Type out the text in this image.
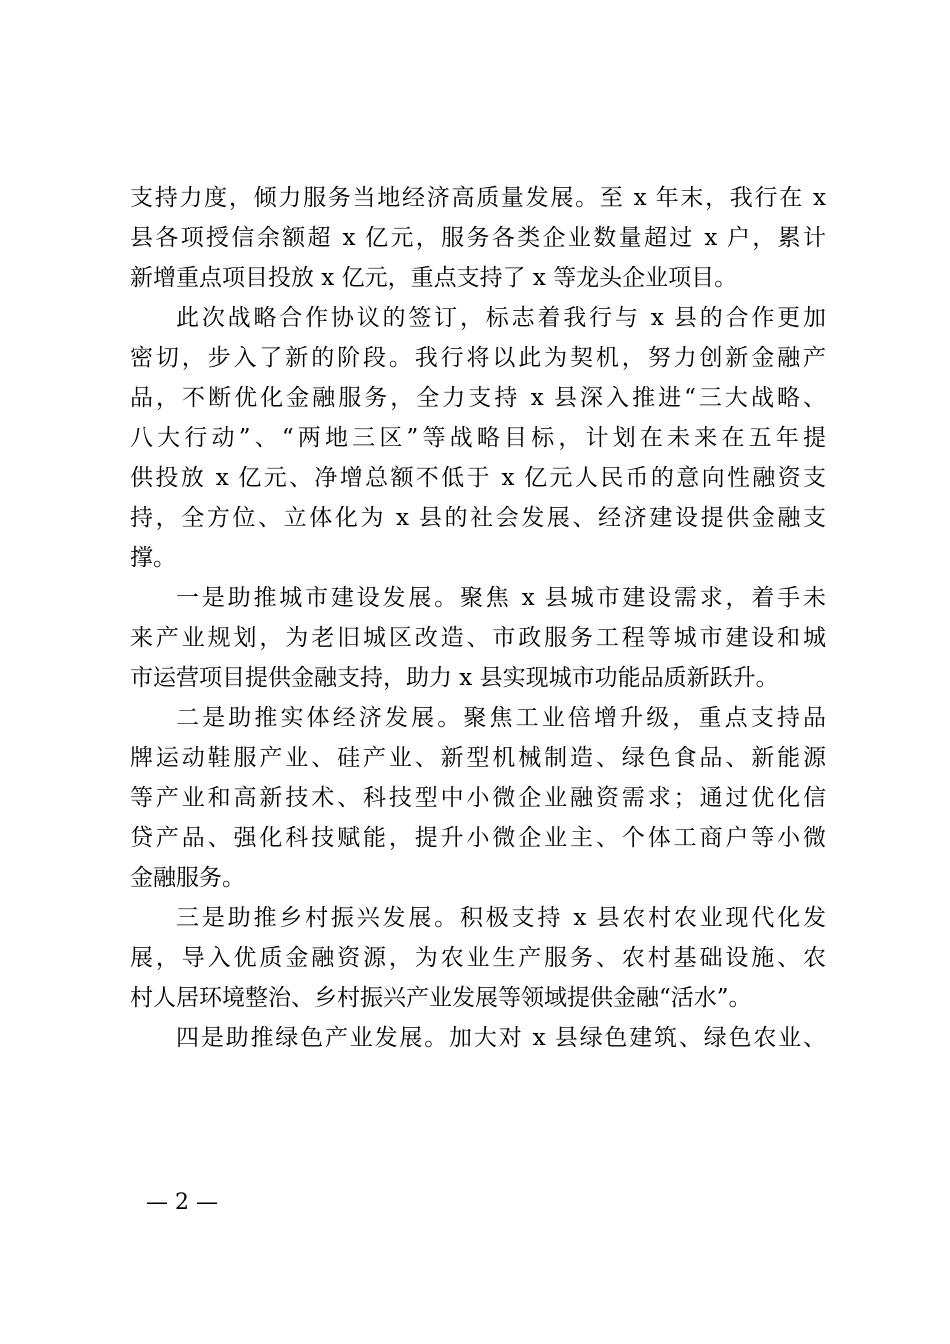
支持力度，倾力服务当地经济高质量发展。至 x 年末，我行在 x
县各项授信余额超 x 亿元，服务各类企业数量超过 x 户，累计
新增重点项目投放 x 亿元，重点支持了 x 等龙头企业项目。
此次战略合作协议的签订，标志着我行与 x 县的合作更加
密切，步入了新的阶段。我行将以此为契机，努力创新金融产
品，不断优化金融服务，全力支持 x 县深入推进“三大战略、
八大行动”、“两地三区”等战略目标，计划在未来在五年提
供投放 x 亿元、净增总额不低于 x 亿元人民币的意向性融资支
持，全方位、立体化为 x 县的社会发展、经济建设提供金融支
撑。
一是助推城市建设发展。聚焦 x 县城市建设需求，着手未
来产业规划，为老旧城区改造、市政服务工程等城市建设和城
市运营项目提供金融支持，助力 x 县实现城市功能品质新跃升。
二是助推实体经济发展。聚焦工业倍增升级，重点支持品
牌运动鞋服产业、硅产业、新型机械制造、绿色食品、新能源
等产业和高新技术、科技型中小微企业融资需求；通过优化信
贷产品、强化科技赋能，提升小微企业主、个体工商户等小微
金融服务。
三是助推乡村振兴发展。积极支持 x 县农村农业现代化发
展，导入优质金融资源，为农业生产服务、农村基础设施、农
村人居环境整治、乡村振兴产业发展等领域提供金融“活水”。
四是助推绿色产业发展。加大对 x 县绿色建筑、绿色农业、
— 2 —
